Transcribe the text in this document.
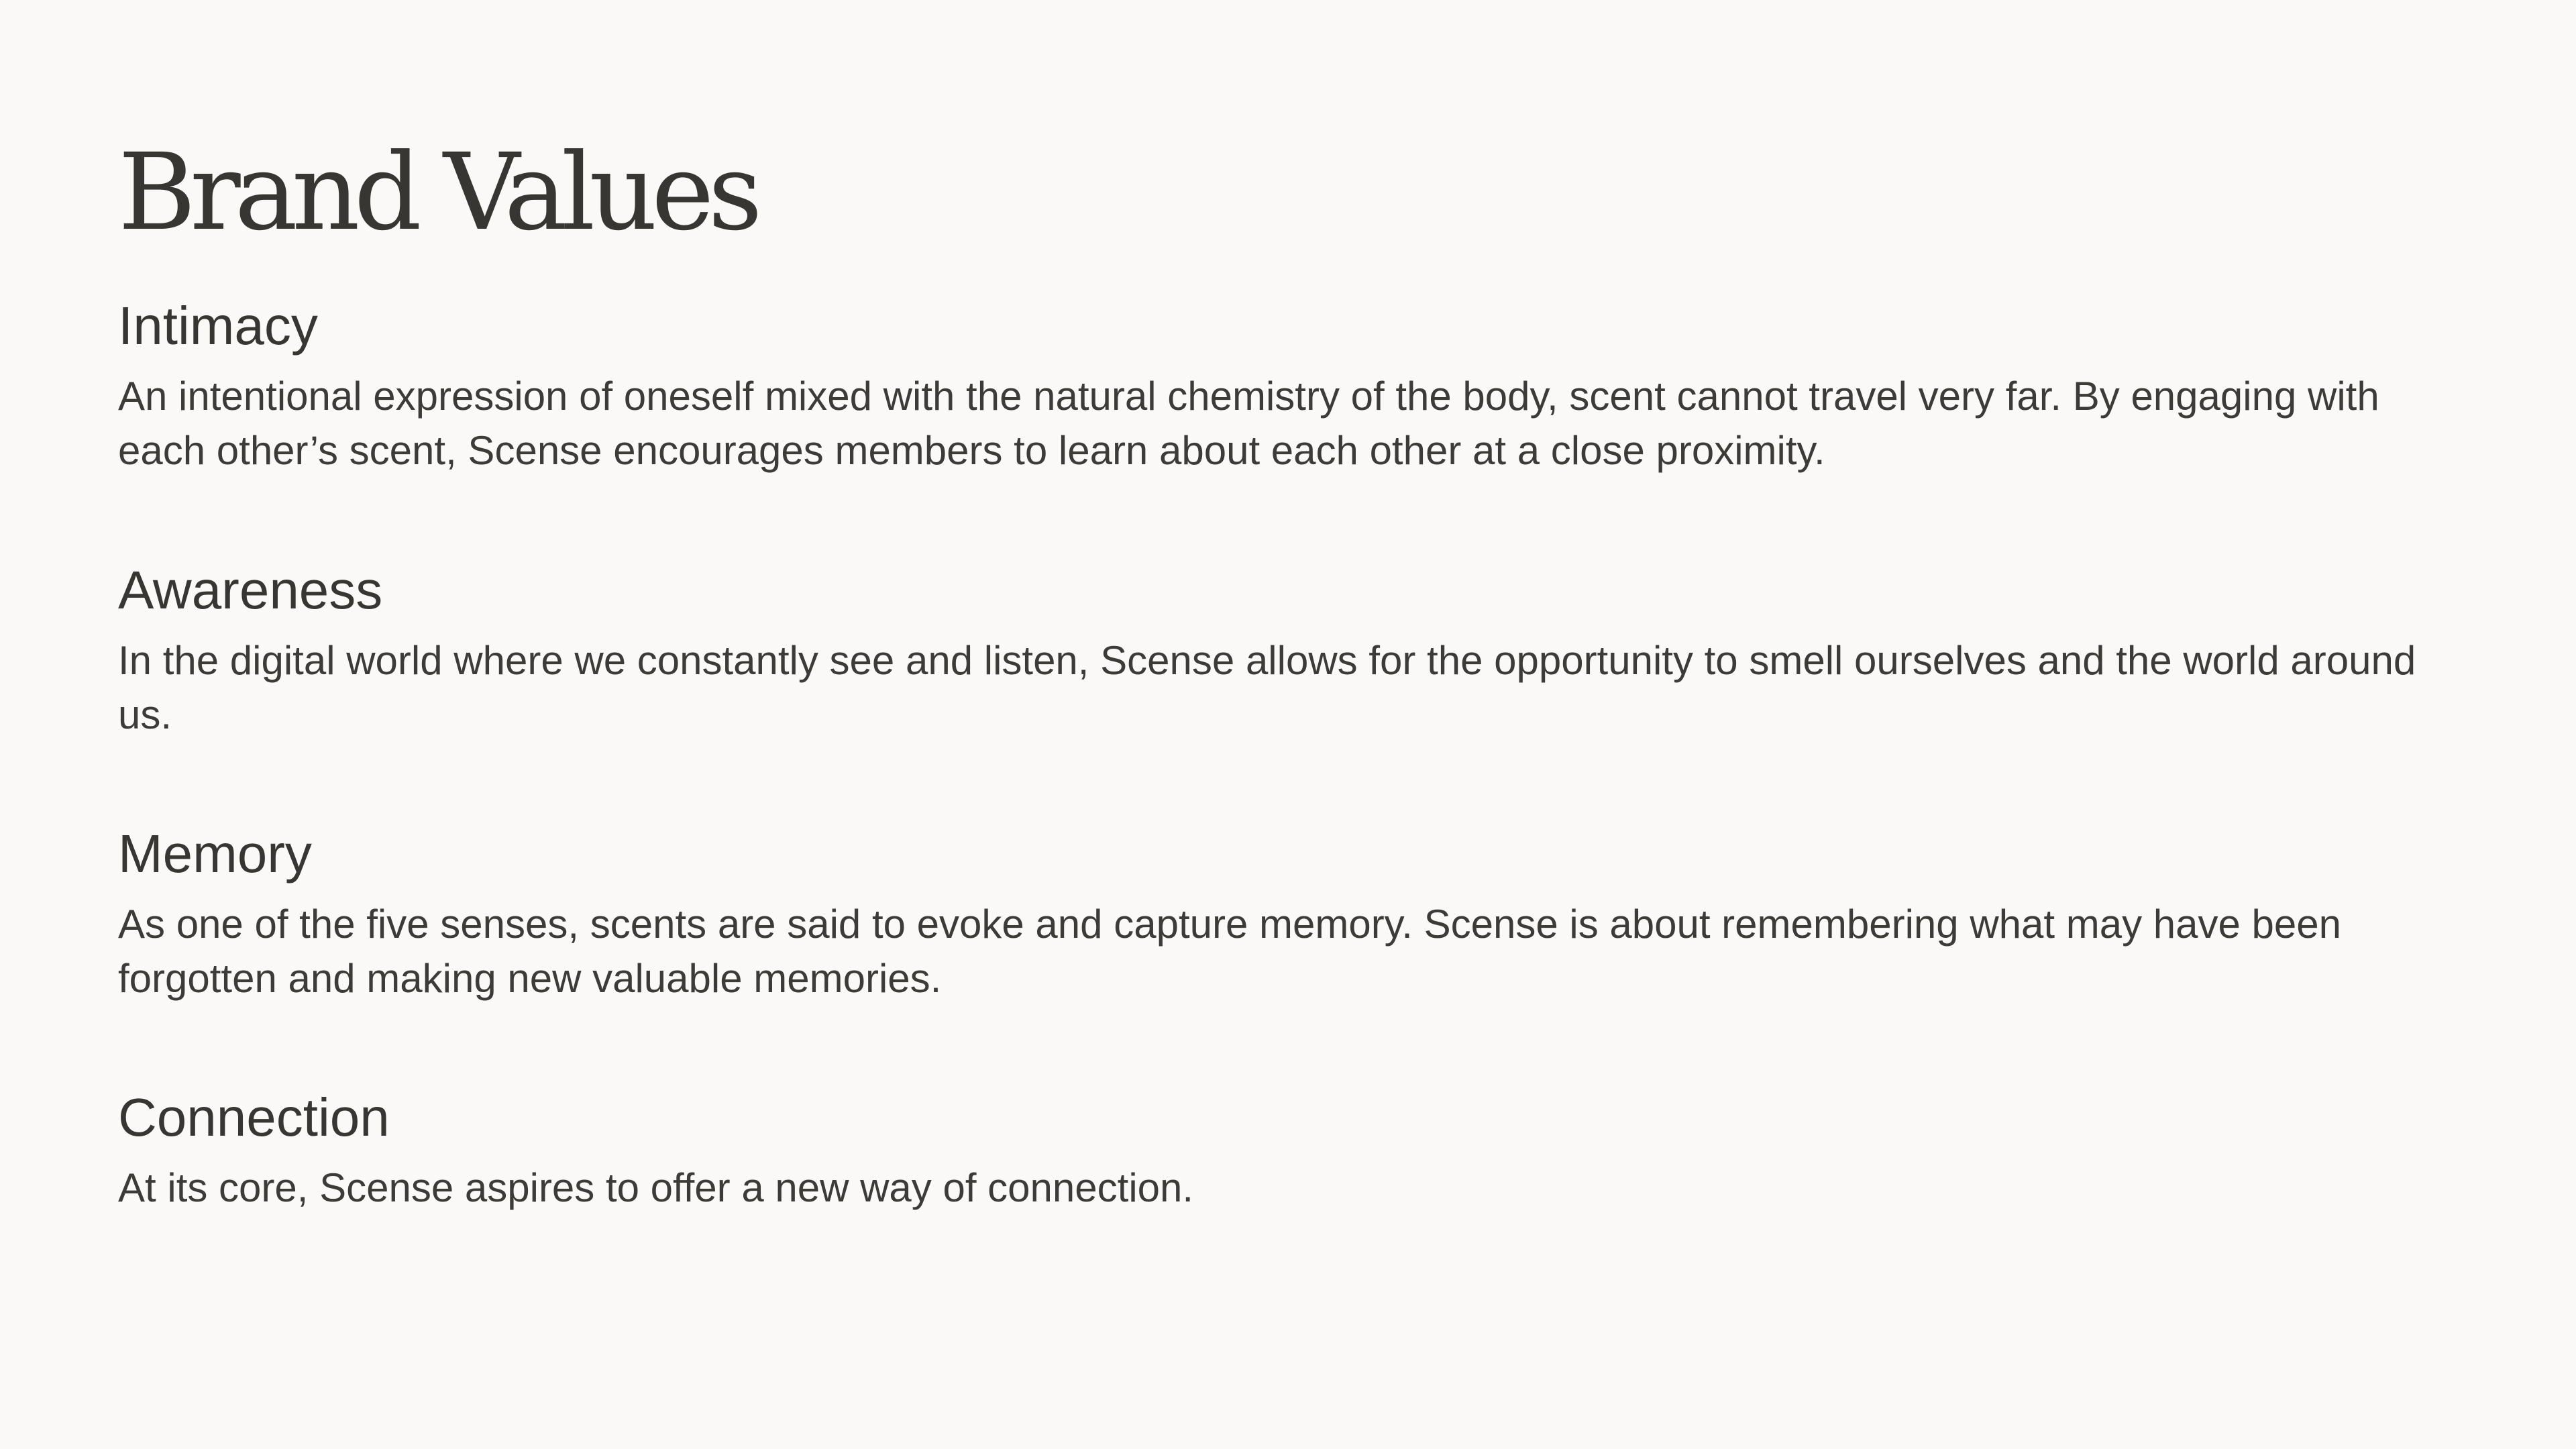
Brand Values
Intimacy

An intentional expression of oneself mixed with the natural chemistry of the body, scent cannot travel very far. By engaging with each other’s scent, Scense encourages members to learn about each other at a close proximity.

Awareness

In the digital world where we constantly see and listen, Scense allows for the opportunity to smell ourselves and the world around us.

Memory

As one of the five senses, scents are said to evoke and capture memory. Scense is about remembering what may have been forgotten and making new valuable memories.

Connection

At its core, Scense aspires to offer a new way of connection.
